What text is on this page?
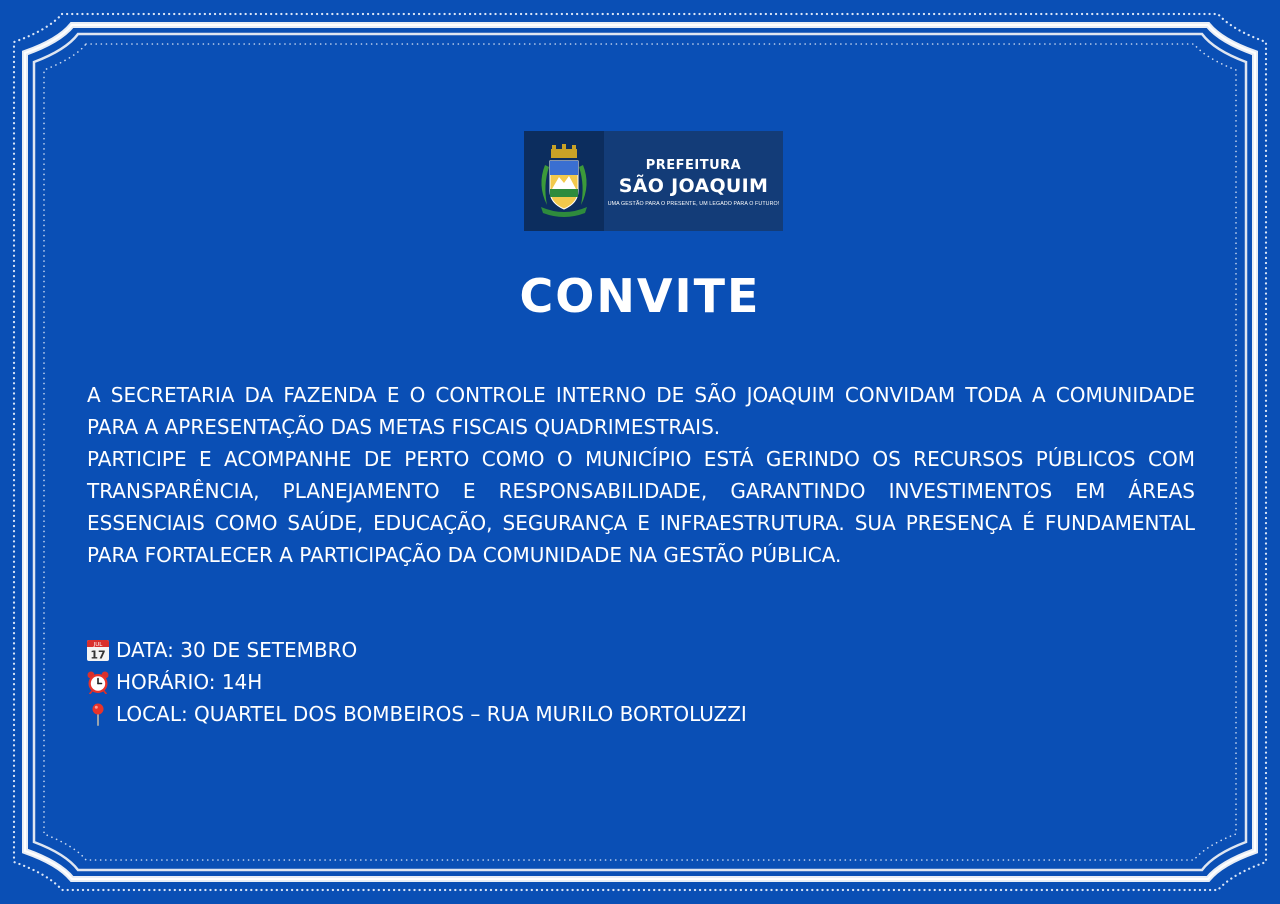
PREFEITURA
SÃO JOAQUIM
UMA GESTÃO PARA O PRESENTE, UM LEGADO PARA O FUTURO!
CONVITE

A SECRETARIA DA FAZENDA E O CONTROLE INTERNO DE SÃO JOAQUIM CONVIDAM TODA A COMUNIDADE PARA A APRESENTAÇÃO DAS METAS FISCAIS QUADRIMESTRAIS.

PARTICIPE E ACOMPANHE DE PERTO COMO O MUNICÍPIO ESTÁ GERINDO OS RECURSOS PÚBLICOS COM TRANSPARÊNCIA, PLANEJAMENTO E RESPONSABILIDADE, GARANTINDO INVESTIMENTOS EM ÁREAS ESSENCIAIS COMO SAÚDE, EDUCAÇÃO, SEGURANÇA E INFRAESTRUTURA. SUA PRESENÇA É FUNDAMENTAL PARA FORTALECER A PARTICIPAÇÃO DA COMUNIDADE NA GESTÃO PÚBLICA.

JUL
17 DATA: 30 DE SETEMBRO
HORÁRIO: 14H
LOCAL: QUARTEL DOS BOMBEIROS – RUA MURILO BORTOLUZZI
